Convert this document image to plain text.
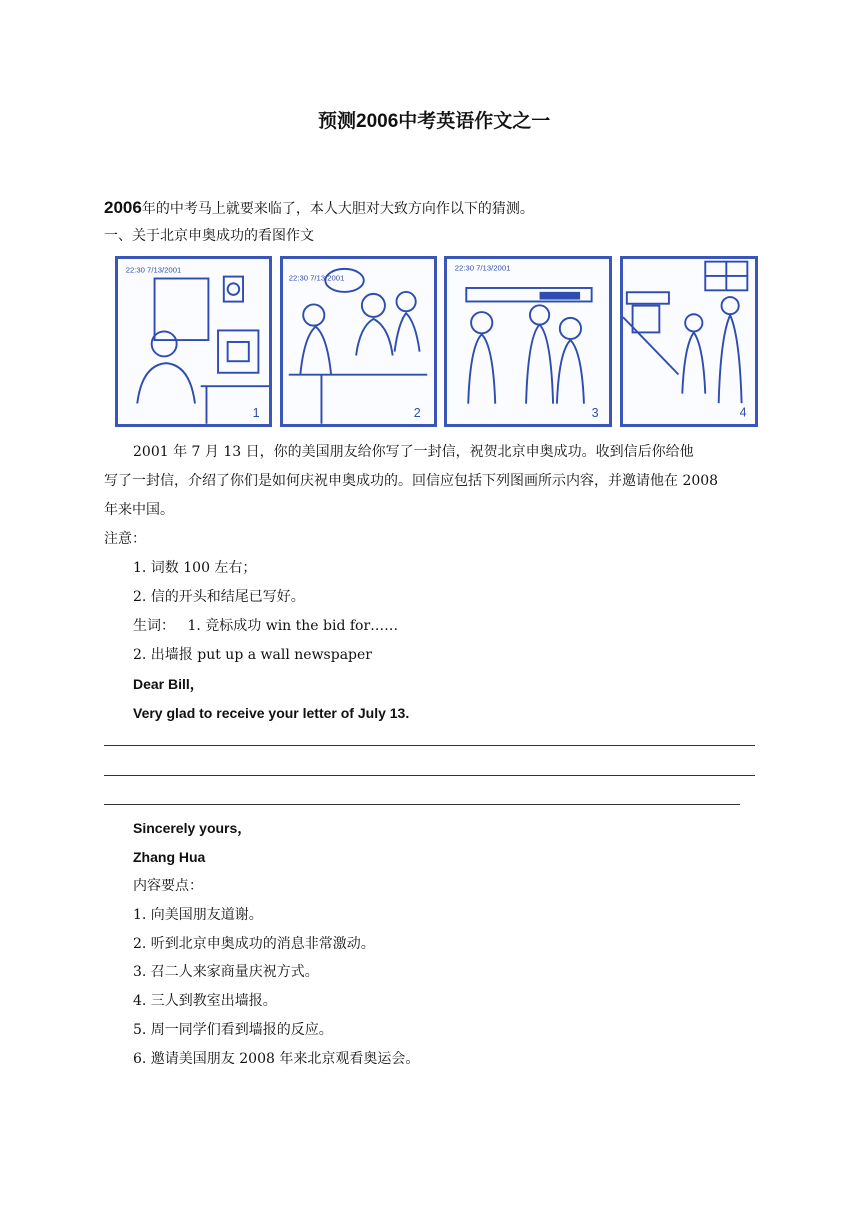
预测2006中考英语作文之一
2006年的中考马上就要来临了，本人大胆对大致方向作以下的猜测。
一、关于北京申奥成功的看图作文
22:30 7/13/2001
1
22:30 7/13/2001
2
22:30 7/13/2001
3	4
2001 年 7 月 13 日，你的美国朋友给你写了一封信，祝贺北京申奥成功。收到信后你给他
写了一封信，介绍了你们是如何庆祝申奥成功的。回信应包括下列图画所示内容，并邀请他在 2008
年来中国。
注意：
1. 词数 100 左右；
2. 信的开头和结尾已写好。
生词： 1. 竞标成功 win the bid for……
2. 出墙报 put up a wall newspaper
Dear Bill，
Very glad to receive your letter of July 13.
Sincerely yours，
Zhang Hua
内容要点：
1. 向美国朋友道谢。
2. 听到北京申奥成功的消息非常激动。
3. 召二人来家商量庆祝方式。
4. 三人到教室出墙报。
5. 周一同学们看到墙报的反应。
6. 邀请美国朋友 2008 年来北京观看奥运会。
